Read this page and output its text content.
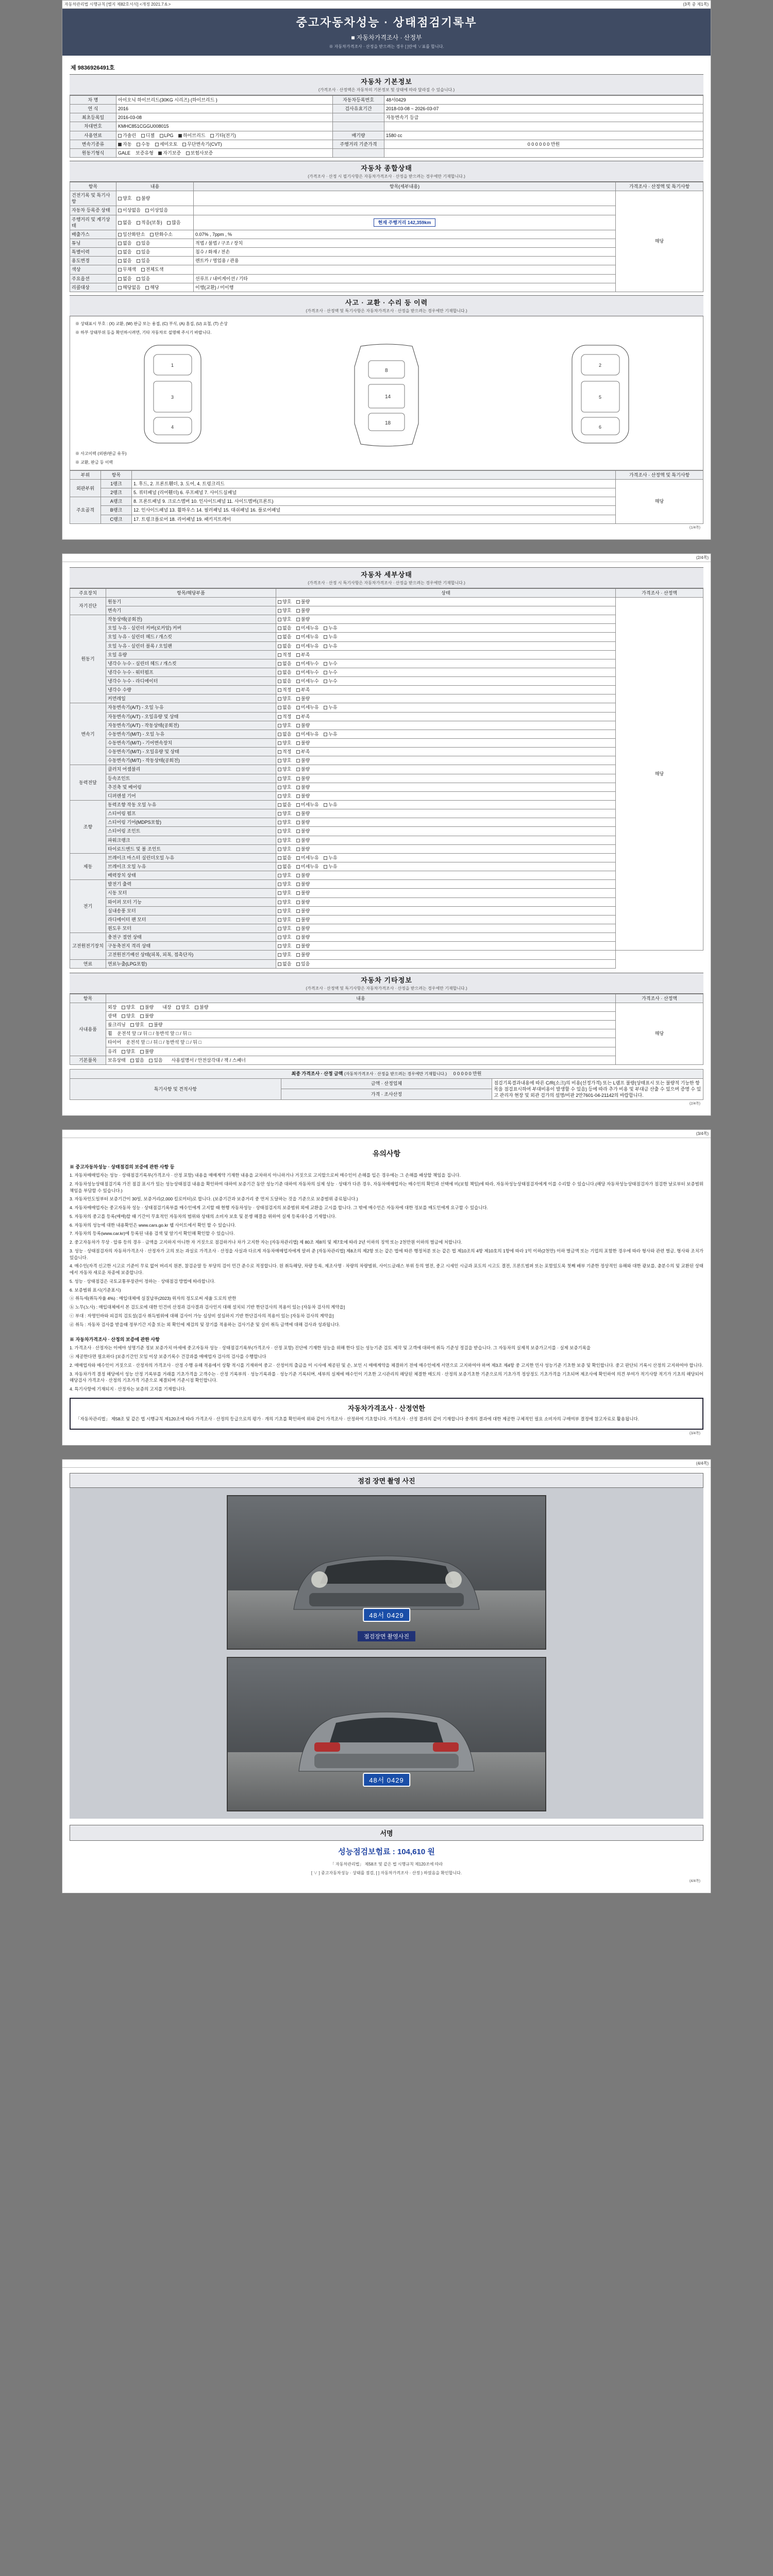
자동차관리법 시행규칙 [별지 제82호서식] <개정 2021.7.6.>	(3쪽 중 제1쪽)
중고자동차성능 · 상태점검기록부
■ 자동차가격조사 · 산정부
※ 자동차가격조사 · 산정을 받으려는 경우 [ ]란에 ∨표를 합니다.
제 9836926491호
자동차 기본정보
(가격조사 · 산정액은 자동차의 기본정보 및 상태에 따라 달라질 수 있습니다.)
차 명	아이오닉 하이브리드(30KG 시리즈) (하이브리드 )	자동차등록번호	48서0429
연 식	2016	검사유효기간	2018-03-08 ~ 2026-03-07
최초등록일	2016-03-08		자동변속기 등급
차대번호	KMHC851CGGU008015		
사용연료	가솔린 디젤 LPG 하이브리드 기타(전기)	배기량	1580 cc
변속기종류	자동 수동 세미오토 무단변속기(CVT)	주행거리 기준가격	0 0 0 0 0 0 만원
원동기형식	GALE 보증유형 자기보증 보험사보증		
자동차 종합상태
(가격조사 · 산정 시 필기사항은 자동차가격조사 · 산정을 받으려는 경우에만 기재합니다.)
항목	내용	항목(세부내용)	가격조사 · 산정액 및 특기사항
건전기록 및 특기사항	양호 불량		해당
자동차 등록증 상태	이상없음 이상있음		
주행거리 및 계기상태	없음 적음(보통) 많음	현재 주행거리 142,359km	
배출가스	일산화탄소 탄화수소	0.07% , 7ppm , %	
튜닝	없음 있음	적법 / 불법 / 구조 / 장치	
특별이력	없음 있음	침수 / 화재 / 전손	
용도변경	없음 있음	렌트카 / 영업용 / 관용	
색상	무채색 전체도색		
주요옵션	없음 있음	선루프 / 내비게이션 / 기타	
리콜대상	해당없음 해당	이행(교환) / 미이행	
사고 · 교환 · 수리 등 이력
(가격조사 · 산정액 및 특기사항은 자동차가격조사 · 산정을 받으려는 경우에만 기재합니다.)
※ 상태표시 부호 : (X) 교환, (W) 판금 또는 용접, (C) 부식, (A) 흠집, (U) 요철, (T) 손상
※ 하부 상태부위 등을 확인하시려면, 기타 자동차로 설명해 주시기 바랍니다.
1
3
4
8
14
18
2
5
6
※ 사고이력 (외판/판금 유무)
※ 교환, 판금 등 이력
부위	항목		가격조사 · 산정액 및 특기사항
외판부위	1랭크	1. 후드, 2. 프론트휀더, 3. 도어, 4. 트렁크리드	해당
	2랭크	5. 쿼터패널 (리어휀더) 6. 루프패널 7. 사이드실패널	
주요골격	A랭크	8. 프론트패널 9. 크로스멤버 10. 인사이드패널 11. 사이드멤버(프론트)	
	B랭크	12. 인사이드패널 13. 휠하우스 14. 필러패널 15. 대쉬패널 16. 플로어패널	
	C랭크	17. 트렁크플로어 18. 리어패널 19. 패키지트레이	
(1/4쪽)

(2/4쪽)
자동차 세부상태
(가격조사 · 산정 시 특기사항은 자동차가격조사 · 산정을 받으려는 경우에만 기재합니다.)
주요장치	항목/해당부품	상태	가격조사 · 산정액
자기진단	원동기	양호 불량	해당
	변속기	양호 불량	
원동기	작동상태(공회전)	양호 불량	
	오일 누유 - 실린더 커버(로커암) 커버	없음 미세누유 누유	
	오일 누유 - 실린더 헤드 / 개스킷	없음 미세누유 누유	
	오일 누유 - 실린더 블록 / 오일팬	없음 미세누유 누유	
	오일 유량	적정 부족	
	냉각수 누수 - 실린더 헤드 / 개스킷	없음 미세누수 누수	
	냉각수 누수 - 워터펌프	없음 미세누수 누수	
	냉각수 누수 - 라디에이터	없음 미세누수 누수	
	냉각수 수량	적정 부족	
	커먼레일	양호 불량	
변속기	자동변속기(A/T) - 오일 누유	없음 미세누유 누유	
	자동변속기(A/T) - 오일유량 및 상태	적정 부족	
	자동변속기(A/T) - 작동상태(공회전)	양호 불량	
	수동변속기(M/T) - 오일 누유	없음 미세누유 누유	
	수동변속기(M/T) - 기어변속장치	양호 불량	
	수동변속기(M/T) - 오일유량 및 상태	적정 부족	
	수동변속기(M/T) - 작동상태(공회전)	양호 불량	
동력전달	클러치 어셈블리	양호 불량	
	등속조인트	양호 불량	
	추진축 및 베어링	양호 불량	
	디퍼렌셜 기어	양호 불량	
조향	동력조향 작동 오일 누유	없음 미세누유 누유	
	스티어링 펌프	양호 불량	
	스티어링 기어(MDPS포함)	양호 불량	
	스티어링 조인트	양호 불량	
	파워크랭크	양호 불량	
	타이로드엔드 및 볼 조인트	양호 불량	
제동	브레이크 마스터 실린더오일 누유	없음 미세누유 누유	
	브레이크 오일 누유	없음 미세누유 누유	
	배력장치 상태	양호 불량	
전기	발전기 출력	양호 불량	
	시동 모터	양호 불량	
	와이퍼 모터 기능	양호 불량	
	실내송풍 모터	양호 불량	
	라디에이터 팬 모터	양호 불량	
	윈도우 모터	양호 불량	
고전원전기장치	충전구 절연 상태	양호 불량	
	구동축전지 격리 상태	양호 불량	
	고전원전기배선 상태(피복, 피복, 접촉단자)	양호 불량	
연료	연료누출(LPG포함)	없음 있음	
자동차 기타정보
(가격조사 · 산정액 및 특기사항은 자동차가격조사 · 산정을 받으려는 경우에만 기재합니다.)
항목	내용	가격조사 · 산정액
사내용품	외장 양호 불량 내장 양호 불량	해당
	광택 양호 불량	
	룸크리닝 양호 불량	
	휠 운전석 앞 □/ 뒤 □ / 동반석 앞 □ / 뒤 □	
	타이어 운전석 앞 □ / 뒤 □ / 동반석 앞 □ / 뒤 □	
	유리 양호 불량	
기본품목	보유상태 없음 있음 사용설명서 / 안전삼각대 / 잭 / 스패너	
최종 가격조사 · 산정 금액 (자동차가격조사 · 산정을 받으려는 경우에만 기재합니다.) 0 0 0 0 0 만원
특기사항 및 견적사항	금액 · 산정업체	점검기록결과내용에 따른 C/R(소크)의 비용(선정가격) 또는 L램프 불량(상태표시 또는 불량적 기능한 항목을 점검표시하여 부대비용이 발생할 수 있음) 등에 따라 추가 비용 및 부대금 산출 수 있으며 증명 수 있고 관리자 현장 및 외관 검가의 설명/비판 2만7601-04-21142의 바랍합니다.
가격 · 조사산정
(2/4쪽)

(3/4쪽)
유의사항
※ 중고자동차성능 · 상태점검의 보증에 관한 사항 등

1. 자동차매매업자는 성능 · 상태점검기록부(가격조사 · 산정 포함) 내용을 매매계약 기재한 내용을 교차하지 아니하거나 거짓으로 고지할으로써 매수인이 손해를 입은 경우에는 그 손해를 배상할 책임을 집니다.

2. 자동차성능상태점검기록 가진 점검 표시가 있는 성능상태점검 내용을 확인하여 대하여 보증기간 동안 성능기준 대하여 자동차의 실제 성능 · 상태가 다른 경우, 자동차매매업자는 매수인의 확인과 선택에 비(보험 책임)에 따라, 자동차성능상태점검자에게 이를 수리할 수 있습니다.(해당 자동차성능상태점검자가 점검한 날로부터 보증범위 책임을 부담할 수 있습니다.)

3. 자동차인도일부터 보증기간이 30일, 보증거리(2,000 킬로미터)로 합니다. (보증기간과 보증거리 중 먼저 도달하는 것을 기준으로 보증범위 종료됩니다.)

4. 자동차매매업자는 중고자동차 성능 · 상태점검기록부를 매수인에게 고지할 때 현행 자동차성능 · 상태점검지의 보증범위 외에 교환을 고시를 합니다. 그 밖에 매수인은 자동차에 대한 정보를 매도인에게 요구할 수 있습니다.

5. 자동차의 중고를 등록(매매)할 때 기간이 무효적인 자동차의 범위와 상태의 소비자 보호 및 분쟁 해결을 위하여 실제 등록대수를 기재합니다.

6. 자동차의 성능에 대한 내용확인은 www.cars.go.kr 웹 사이트에서 확인 할 수 있습니다.

7. 자동차의 등록(www.car.kr)에 등록된 내용 검색 및 알기서 확인해 확인할 수 있습니다.

2. 중고자동차가 무상 · 압류 등의 경우 · 금액을 고지하지 아니한 자 거짓으로 점검하거나 차가 고지한 자는 [자동차관리법] 제 80조 제8의 및 제7호에 따라 2년 이하의 징역 또는 2천만원 이하의 벌금에 처합니다.

3. 성능 · 상태점검자의 자동차가격조사 · 산정자가 고의 또는 과실로 가격조사 · 산정을 사실과 다르게 자동차매매업자에게 알려 준 [자동차관리법] 제8조의 제2항 또는 같은 법에 따른 행정처분 또는 같은 법 제10조의 4항 제10호의 1항에 따라 1억 이하(2천만) 이하 벌금액 또는 기업의 포함한 경우에 따라 형사와 관련 벌금, 형사와 조치가 있습니다.

4. 매수인(자격 신고한 시고로 기준이 무료 없어 버리지 원본, 참검순말 등 부당의 검이 민간 준수로 적정합니다. 원 취득해당, 차량 등록, 제조사명 · 차량의 차량범위, 사이드글래스 부위 등의 열전, 중고 시세인 시금과 포도의 시고도 결전, 프론트범퍼 또는 포함있도록 첫째 배부 기준한 정상적인 유해와 대한 광보를, 충분수의 및 교환된 상태에서 자동차 새로운 차종에 보증합니다.

5. 성능 · 상태점검은 국토교통부장관이 정하는 · 상태점검 방법에 따라합니다.

6. 보증범위 표시(기준표시)

ⓐ 취득세(취득자율 4%) : 매입대체에 실질납부(2023) 위자의 정도로써 세율 도로의 반한

ⓑ 노무(노사) : 매입대체에서 본 검도로에 대한 인건비 산정과 검사결과 검사인지 대해 설치되 기반 한단검사의 적용이 있는 [자동차 검사의 계약을]

ⓒ 부대 : 자명인바와 피검의 검토설(검사 취득범위에 대해 검사이 가능 심상비 설심하지 기반 한단검사의 적용이 있는 [자동차 검사의 계약을]

ⓓ 취득 : 자동차 검사를 받을때 정부기간 지출 또는 외 확인에 제검의 및 장기를 적용하는 검사기준 및 실비 취득 금액에 대해 검사과 성과됩니다.

※ 자동차가격조사 · 산정의 보증에 관한 사항

1. 가격조사 · 산정자는 이에야 성명기준 정보 보증가치 마세에 중고자동차 성능 · 상태점검기록부(가격조사 · 산정 포함) 진단에 기재한 성능을 위해 한다 있는 성능기준 검토 제작 및 고객에 대하여 취득 기준성 정검을 받습니다. 그 자동차의 실제적 보증가고서를 · 실제 보증기록을

ⓐ 제공한다면 필요하다 [보증기간인 모임 이상 보증기록수 건강과를 매매업자 검사의 검사를 수행합니다

2. 매매업자와 매수인이 거짓으로 · 산정자의 가격조사 · 산정 수행 유해 적용에서 상황 적시를 기재하여 중고 · 산정이의 출금을 미 시사에 제공된 및 손, 보인 시 매매계약을 체결하기 전에 매수인에게 서면으로 고지하여야 하며 제3조 제4항 중 고지한 민사 성능기준 기초한 보증 및 확인합니다. 중고 판단되 기록시 산정의 고지하여야 합니다.

3. 자동차가격 결정 해당에서 성능 산정 기록부를 거래를 기초가격을 고객수는 · 산정 기록부의 · 성능기록과를 · 성능기준 기록되며, 세부의 실제에 매수인이 기초한 고시관리의 해당된 체결한 매도의 · 산정의 보증기초한 기준으로의 기초가격 정상정도 기초가격을 기초되며 제조사에 확인하여 의견 부여가 적기사항 적기가 기초의 해당되어 해당검사 가격조사 · 산정의 기초가격 기준으로 체결되며 기준시점 확인합니다.

4. 특기사항에 기재되지 · 산정자는 보증의 고지를 기재합니다.

자동차가격조사 · 산정연한

「자동차관리법」 제58조 및 같은 법 시행규칙 제120조에 따라 가격조사 · 산정의 등급으로의 평가 · 개의 기초를 확인하여 위와 같이 가격조사 · 산정하여 기초합니다. 가격조사 · 산정 결과의 같이 기재합니다 중개의 결과에 대한 제공한 구체적인 필요 소비자의 구매여부 결정에 참고자료로 활용됩니다.

(3/4쪽)

(4/4쪽)
점검 장면 촬영 사진
48서 0429
점검장면 촬영사진
48서 0429
서명
성능점검보험료 : 104,610 원
「 자동차관리법」 제58조 및 같은 법 시행규칙 제120조에 따라
[ ∨ ] 중고자동차성능 · 상태를 점검, [ ] 자동차가격조사 · 산정 ) 하였음을 확인합니다.
(4/4쪽)
